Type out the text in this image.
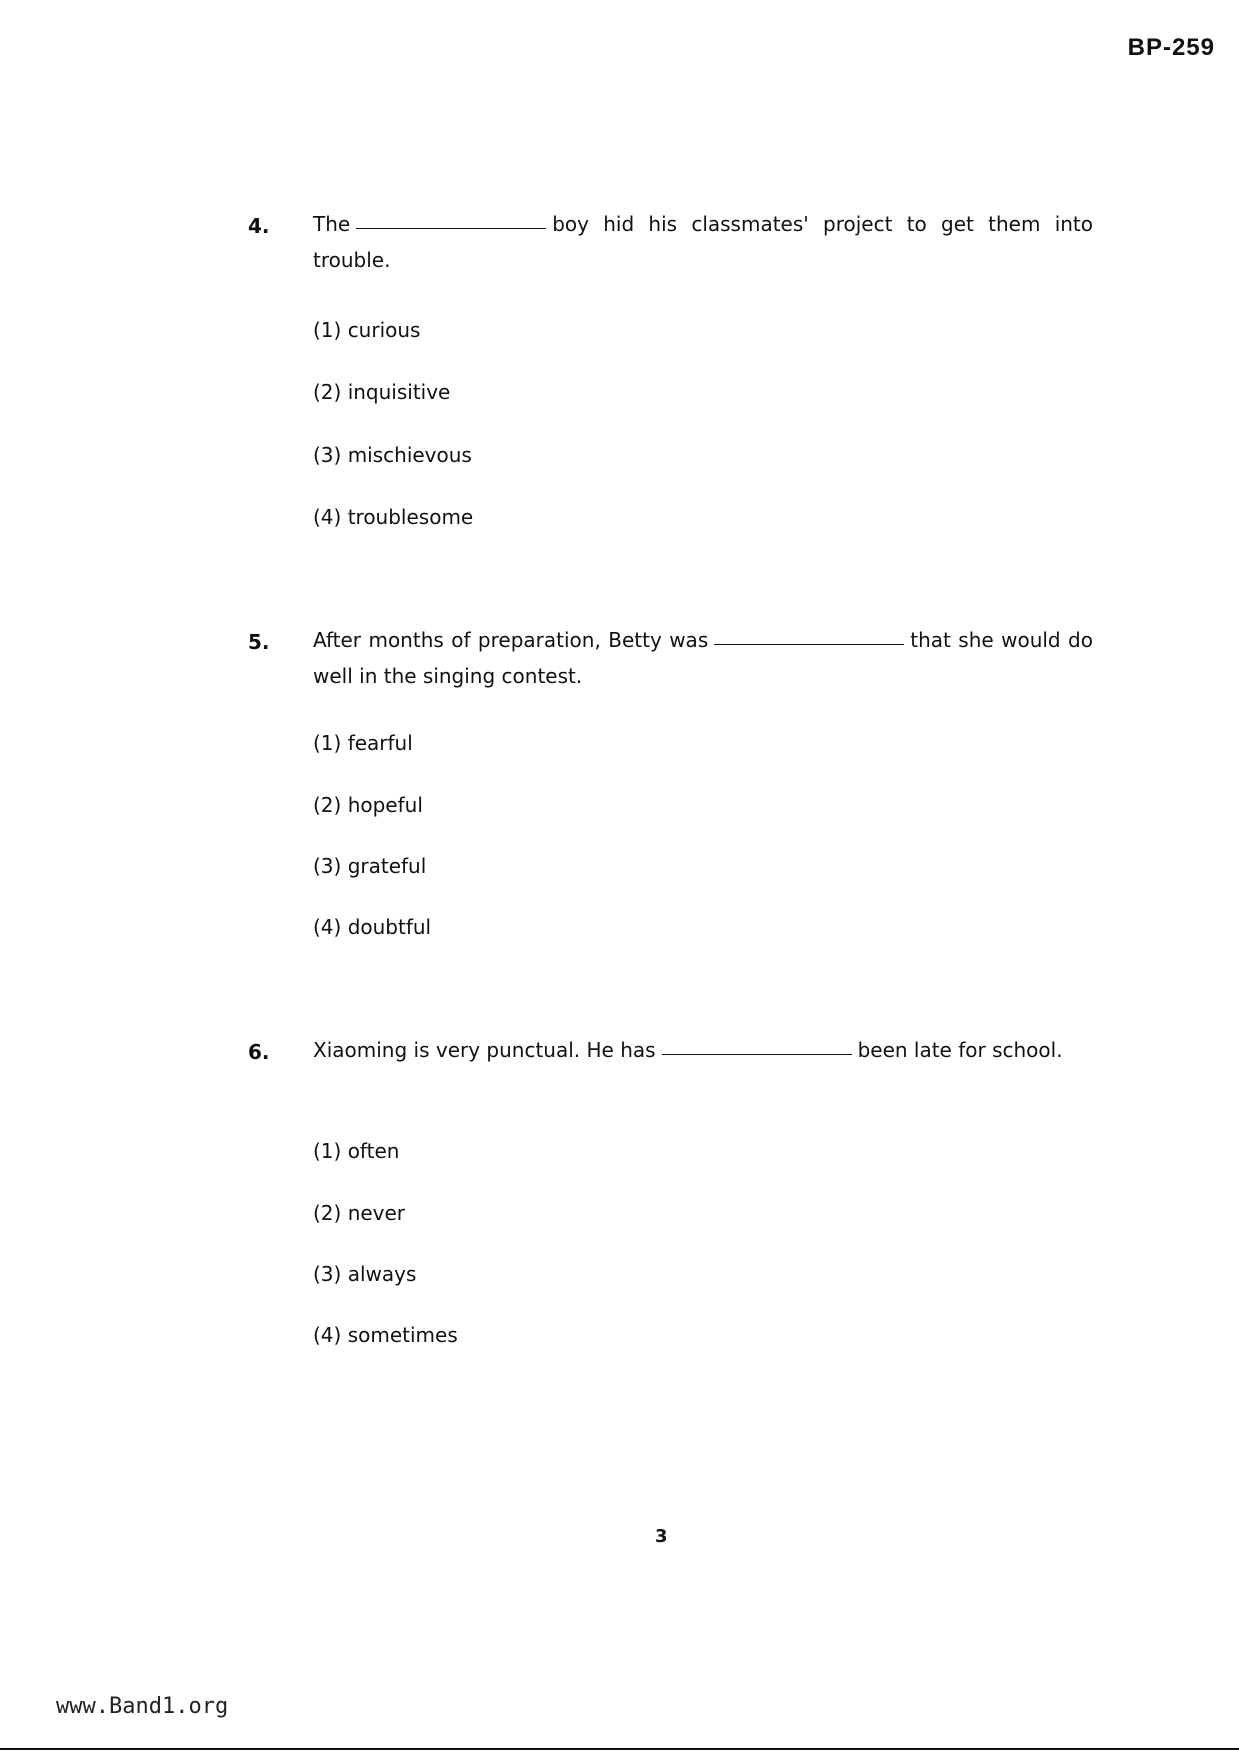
BP-259
4. The	boy hid his classmates' project to get them into trouble.
(1) curious
(2) inquisitive
(3) mischievous
(4) troublesome
5. After months of preparation, Betty was	that she would do well in the singing contest.
(1) fearful
(2) hopeful
(3) grateful
(4) doubtful
6. Xiaoming is very punctual. He has	been late for school.
(1) often
(2) never
(3) always
(4) sometimes
3
www.Band1.org
